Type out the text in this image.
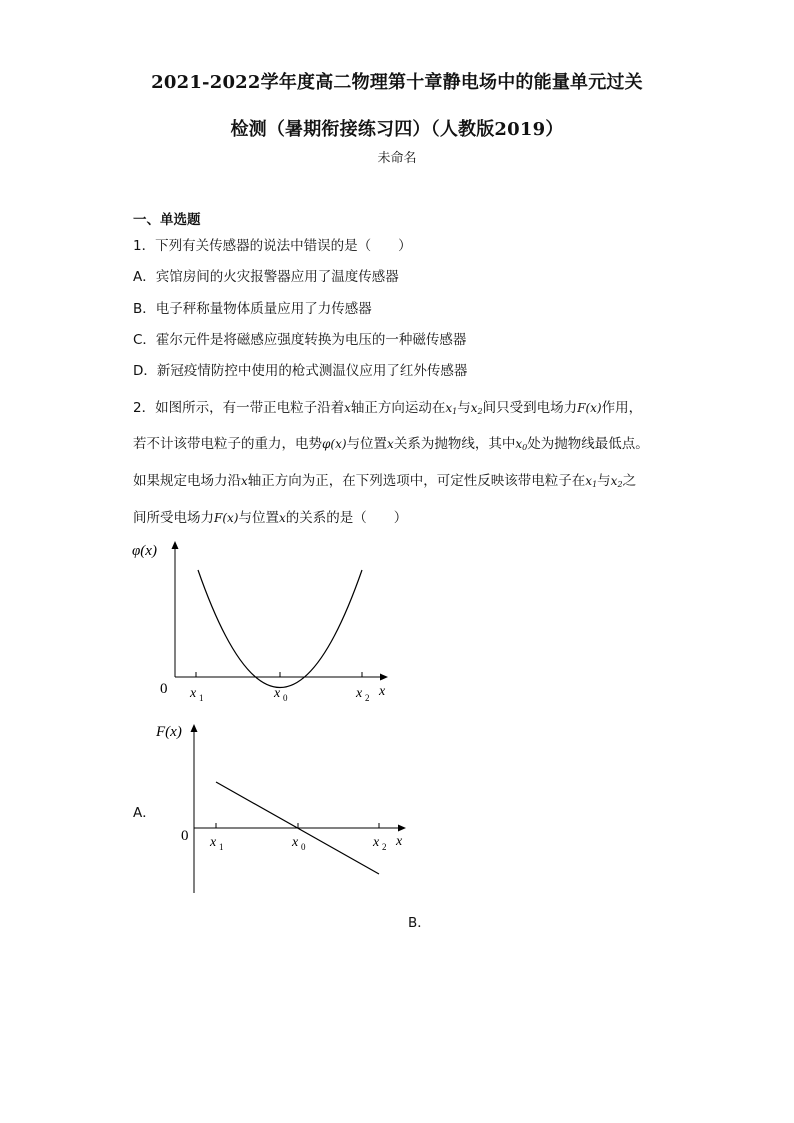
2021-2022学年度高二物理第十章静电场中的能量单元过关
检测（暑期衔接练习四）（人教版2019）
未命名
一、单选题
1．下列有关传感器的说法中错误的是（　　）
A．宾馆房间的火灾报警器应用了温度传感器
B．电子秤称量物体质量应用了力传感器
C．霍尔元件是将磁感应强度转换为电压的一种磁传感器
D．新冠疫情防控中使用的枪式测温仪应用了红外传感器
2．如图所示，有一带正电粒子沿着x轴正方向运动在$x_1$与$x_2$间只受到电场力F(x)作用，
若不计该带电粒子的重力，电势φ(x)与位置x关系为抛物线，其中$x_0$处为抛物线最低点。
如果规定电场力沿x轴正方向为正，在下列选项中，可定性反映该带电粒子在$x_1$与$x_2$之
间所受电场力F(x)与位置x的关系的是（　　）
φ(x)
0	x
x 1	x 0	x 2
A．
F(x)
0	x
x 1	x 0	x 2
B．
